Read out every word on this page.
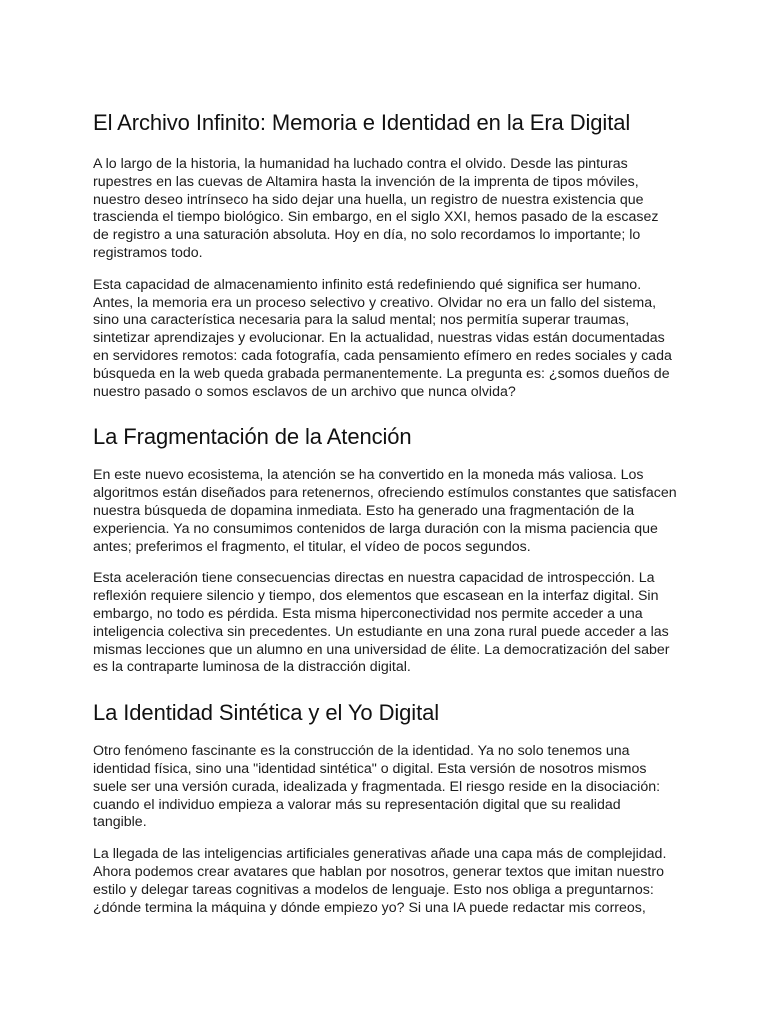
El Archivo Infinito: Memoria e Identidad en la Era Digital

A lo largo de la historia, la humanidad ha luchado contra el olvido. Desde las pinturas rupestres en las cuevas de Altamira hasta la invención de la imprenta de tipos móviles, nuestro deseo intrínseco ha sido dejar una huella, un registro de nuestra existencia que trascienda el tiempo biológico. Sin embargo, en el siglo XXI, hemos pasado de la escasez de registro a una saturación absoluta. Hoy en día, no solo recordamos lo importante; lo registramos todo.

Esta capacidad de almacenamiento infinito está redefiniendo qué significa ser humano. Antes, la memoria era un proceso selectivo y creativo. Olvidar no era un fallo del sistema, sino una característica necesaria para la salud mental; nos permitía superar traumas, sintetizar aprendizajes y evolucionar. En la actualidad, nuestras vidas están documentadas en servidores remotos: cada fotografía, cada pensamiento efímero en redes sociales y cada búsqueda en la web queda grabada permanentemente. La pregunta es: ¿somos dueños de nuestro pasado o somos esclavos de un archivo que nunca olvida?

La Fragmentación de la Atención

En este nuevo ecosistema, la atención se ha convertido en la moneda más valiosa. Los algoritmos están diseñados para retenernos, ofreciendo estímulos constantes que satisfacen nuestra búsqueda de dopamina inmediata. Esto ha generado una fragmentación de la experiencia. Ya no consumimos contenidos de larga duración con la misma paciencia que antes; preferimos el fragmento, el titular, el vídeo de pocos segundos.

Esta aceleración tiene consecuencias directas en nuestra capacidad de introspección. La reflexión requiere silencio y tiempo, dos elementos que escasean en la interfaz digital. Sin embargo, no todo es pérdida. Esta misma hiperconectividad nos permite acceder a una inteligencia colectiva sin precedentes. Un estudiante en una zona rural puede acceder a las mismas lecciones que un alumno en una universidad de élite. La democratización del saber es la contraparte luminosa de la distracción digital.

La Identidad Sintética y el Yo Digital

Otro fenómeno fascinante es la construcción de la identidad. Ya no solo tenemos una identidad física, sino una "identidad sintética" o digital. Esta versión de nosotros mismos suele ser una versión curada, idealizada y fragmentada. El riesgo reside en la disociación: cuando el individuo empieza a valorar más su representación digital que su realidad tangible.

La llegada de las inteligencias artificiales generativas añade una capa más de complejidad. Ahora podemos crear avatares que hablan por nosotros, generar textos que imitan nuestro estilo y delegar tareas cognitivas a modelos de lenguaje. Esto nos obliga a preguntarnos: ¿dónde termina la máquina y dónde empiezo yo? Si una IA puede redactar mis correos,
